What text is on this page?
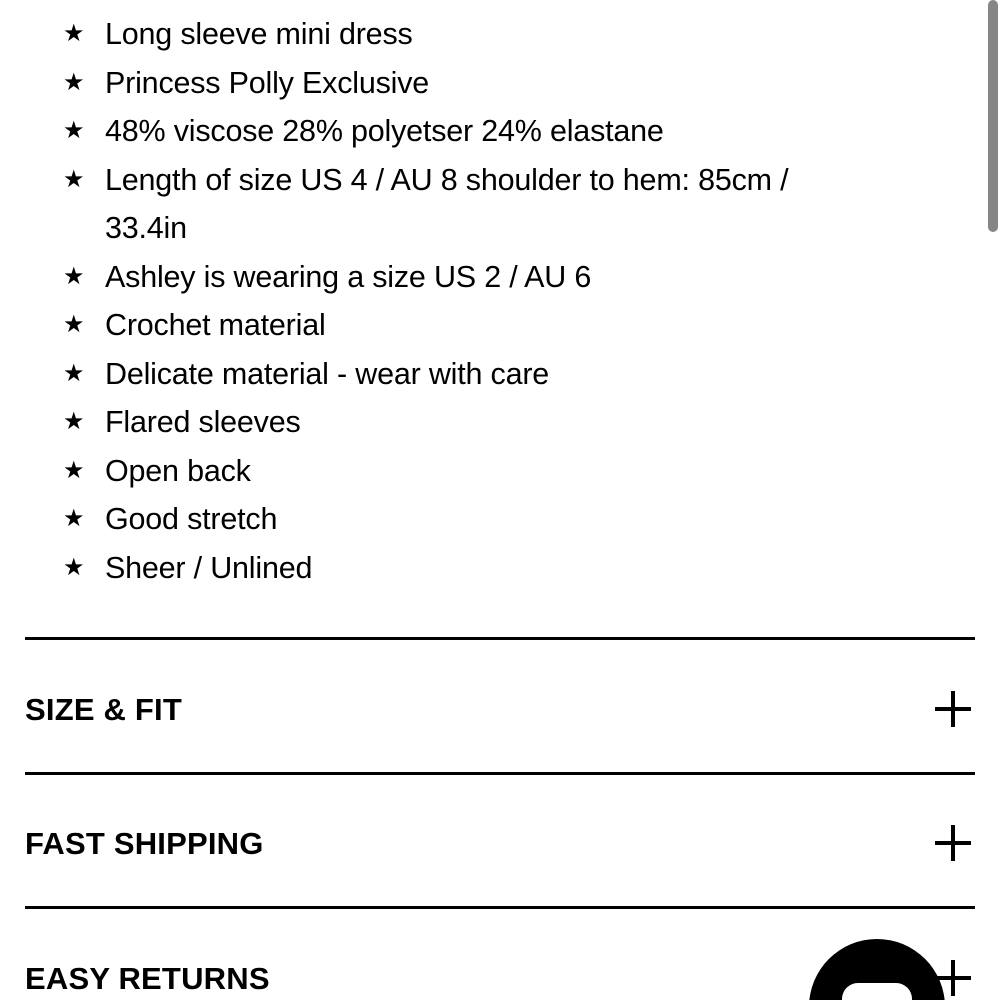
★ Long sleeve mini dress
★ Princess Polly Exclusive
★ 48% viscose 28% polyetser 24% elastane
★ Length of size US 4 / AU 8 shoulder to hem: 85cm / 33.4in
★ Ashley is wearing a size US 2 / AU 6
★ Crochet material
★ Delicate material - wear with care
★ Flared sleeves
★ Open back
★ Good stretch
★ Sheer / Unlined
SIZE & FIT
FAST SHIPPING
EASY RETURNS
